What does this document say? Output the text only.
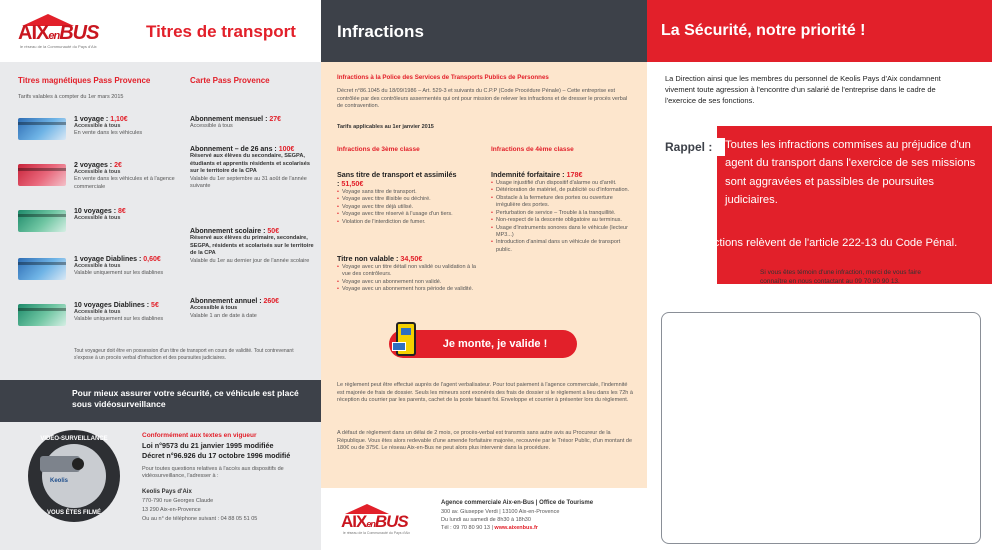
AIXenBUS
le réseau de la Communauté du Pays d'Aix
Titres de transport
Titres magnétiques Pass Provence	Carte Pass Provence
Tarifs valables à compter du 1er mars 2015
1 voyage : 1,10€
Accessible à tous
En vente dans les véhicules
2 voyages : 2€
Accessible à tous
En vente dans les véhicules et à l'agence commerciale
10 voyages : 8€
Accessible à tous
1 voyage Diablines : 0,60€
Accessible à tous
Valable uniquement sur les diablines
10 voyages Diablines : 5€
Accessible à tous
Valable uniquement sur les diablines
Abonnement mensuel : 27€
Accessible à tous
Abonnement – de 26 ans : 100€
Réservé aux élèves du secondaire, SEGPA, étudiants et apprentis résidents et scolarisés sur le territoire de la CPA
Valable du 1er septembre au 31 août de l'année suivante
Abonnement scolaire : 50€
Réservé aux élèves du primaire, secondaire, SEGPA, résidents et scolarisés sur le territoire de la CPA
Valable du 1er au dernier jour de l'année scolaire
Abonnement annuel : 260€
Accessible à tous
Valable 1 an de date à date
Tout voyageur doit être en possession d'un titre de transport en cours de validité. Tout contrevenant s'expose à un procès verbal d'infraction et des poursuites judiciaires.
Pour mieux assurer votre sécurité, ce véhicule est placé sous vidéosurveillance
VIDÉO-SURVEILLANCE
Keolis
VOUS ÊTES FILMÉ
Conformément aux textes en vigueur
Loi n°9573 du 21 janvier 1995 modifiée
Décret n°96.926 du 17 octobre 1996 modifié
Pour toutes questions relatives à l'accès aux dispositifs de vidéosurveillance, l'adresser à :
Keolis Pays d'Aix
770-790 rue Georges Claude
13 290 Aix-en-Provence
Ou au n° de téléphone suivant : 04 88 05 51 05
Infractions
Infractions à la Police des Services de Transports Publics de Personnes
Décret n°86.1045 du 18/09/1986 – Art. 529-3 et suivants du C.P.P (Code Procédure Pénale) – Cette entreprise est contrôlée par des contrôleurs assermentés qui ont pour mission de relever les infractions et de dresser le procès verbal de contravention.
Tarifs applicables au 1er janvier 2015
Infractions de 3ème classe	Infractions de 4ème classe
Sans titre de transport et assimilés : 51,50€
• Voyage sans titre de transport.
• Voyage avec titre illisible ou déchiré.
• Voyage avec titre déjà utilisé.
• Voyage avec titre réservé à l'usage d'un tiers.
• Violation de l'interdiction de fumer.
Titre non valable : 34,50€
• Voyage avec un titre détail non validé ou validation à la vue des contrôleurs.
• Voyage avec un abonnement non validé.
• Voyage avec un abonnement hors période de validité.
Indemnité forfaitaire : 178€
• Usage injustifié d'un dispositif d'alarme ou d'arrêt.
• Détérioration de matériel, de publicité ou d'information.
• Obstacle à la fermeture des portes ou ouverture irrégulière des portes.
• Perturbation de service – Trouble à la tranquillité.
• Non-respect de la descente obligatoire au terminus.
• Usage d'instruments sonores dans le véhicule (lecteur MP3...)
• Introduction d'animal dans un véhicule de transport public.
Je monte, je valide !
Le règlement peut être effectué auprès de l'agent verbalisateur. Pour tout paiement à l'agence commerciale, l'indemnité est majorée de frais de dossier. Seuls les mineurs sont exonérés des frais de dossier si le règlement a lieu dans les 72h à réception du courrier par les parents, cachet de la poste faisant foi. Enveloppe et courrier à présenter lors du règlement.
A défaut de règlement dans un délai de 2 mois, ce procès-verbal est transmis sans autre avis au Procureur de la République. Vous êtes alors redevable d'une amende forfaitaire majorée, recouvrée par le Trésor Public, d'un montant de 180€ ou de 375€. Le réseau Aix-en-Bus ne peut alors plus intervenir dans la procédure.
AIXenBUS
le réseau de la Communauté du Pays d'Aix
Agence commerciale Aix-en-Bus | Office de Tourisme
300 av. Giuseppe Verdi | 13100 Aix-en-Provence
Du lundi au samedi de 8h30 à 18h30
Tél : 09 70 80 90 13 | www.aixenbus.fr
La Sécurité, notre priorité !
La Direction ainsi que les membres du personnel de Keolis Pays d'Aix condamnent vivement toute agression à l'encontre d'un salarié de l'entreprise dans le cadre de l'exercice de ses fonctions.
Rappel :	Toutes les infractions commises au préjudice d'un agent du transport dans l'exercice de ses missions sont aggravées et passibles de poursuites judiciaires.
Ces infractions relèvent de l'article 222-13 du Code Pénal.
Si vous êtes témoin d'une infraction, merci de vous faire connaître en nous contactant au 09 70 80 90 13.
